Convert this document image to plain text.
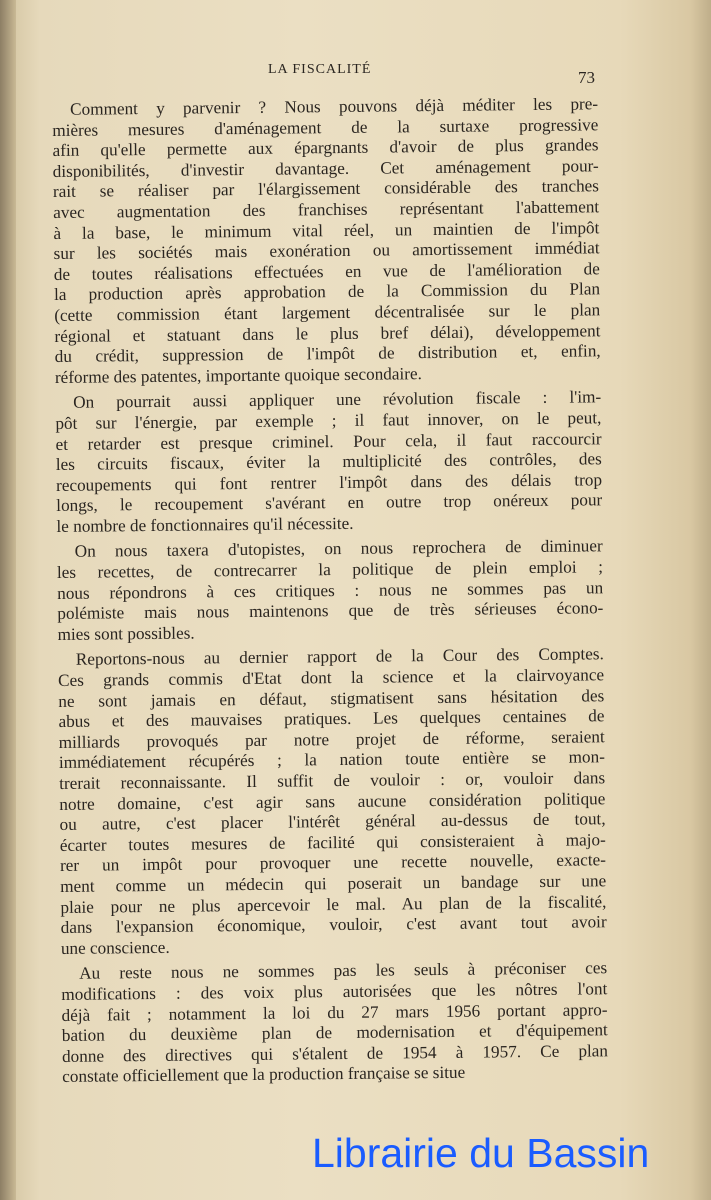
LA FISCALITÉ	73
Comment y parvenir ? Nous pouvons déjà méditer les pre-
mières mesures d'aménagement de la surtaxe progressive
afin qu'elle permette aux épargnants d'avoir de plus grandes
disponibilités, d'investir davantage. Cet aménagement pour-
rait se réaliser par l'élargissement considérable des tranches
avec augmentation des franchises représentant l'abattement
à la base, le minimum vital réel, un maintien de l'impôt
sur les sociétés mais exonération ou amortissement immédiat
de toutes réalisations effectuées en vue de l'amélioration de
la production après approbation de la Commission du Plan
(cette commission étant largement décentralisée sur le plan
régional et statuant dans le plus bref délai), développement
du crédit, suppression de l'impôt de distribution et, enfin,
réforme des patentes, importante quoique secondaire.
On pourrait aussi appliquer une révolution fiscale : l'im-
pôt sur l'énergie, par exemple ; il faut innover, on le peut,
et retarder est presque criminel. Pour cela, il faut raccourcir
les circuits fiscaux, éviter la multiplicité des contrôles, des
recoupements qui font rentrer l'impôt dans des délais trop
longs, le recoupement s'avérant en outre trop onéreux pour
le nombre de fonctionnaires qu'il nécessite.
On nous taxera d'utopistes, on nous reprochera de diminuer
les recettes, de contrecarrer la politique de plein emploi ;
nous répondrons à ces critiques : nous ne sommes pas un
polémiste mais nous maintenons que de très sérieuses écono-
mies sont possibles.
Reportons-nous au dernier rapport de la Cour des Comptes.
Ces grands commis d'Etat dont la science et la clairvoyance
ne sont jamais en défaut, stigmatisent sans hésitation des
abus et des mauvaises pratiques. Les quelques centaines de
milliards provoqués par notre projet de réforme, seraient
immédiatement récupérés ; la nation toute entière se mon-
trerait reconnaissante. Il suffit de vouloir : or, vouloir dans
notre domaine, c'est agir sans aucune considération politique
ou autre, c'est placer l'intérêt général au-dessus de tout,
écarter toutes mesures de facilité qui consisteraient à majo-
rer un impôt pour provoquer une recette nouvelle, exacte-
ment comme un médecin qui poserait un bandage sur une
plaie pour ne plus apercevoir le mal. Au plan de la fiscalité,
dans l'expansion économique, vouloir, c'est avant tout avoir
une conscience.
Au reste nous ne sommes pas les seuls à préconiser ces
modifications : des voix plus autorisées que les nôtres l'ont
déjà fait ; notamment la loi du 27 mars 1956 portant appro-
bation du deuxième plan de modernisation et d'équipement
donne des directives qui s'étalent de 1954 à 1957. Ce plan
constate officiellement que la production française se situe
Librairie du Bassin
